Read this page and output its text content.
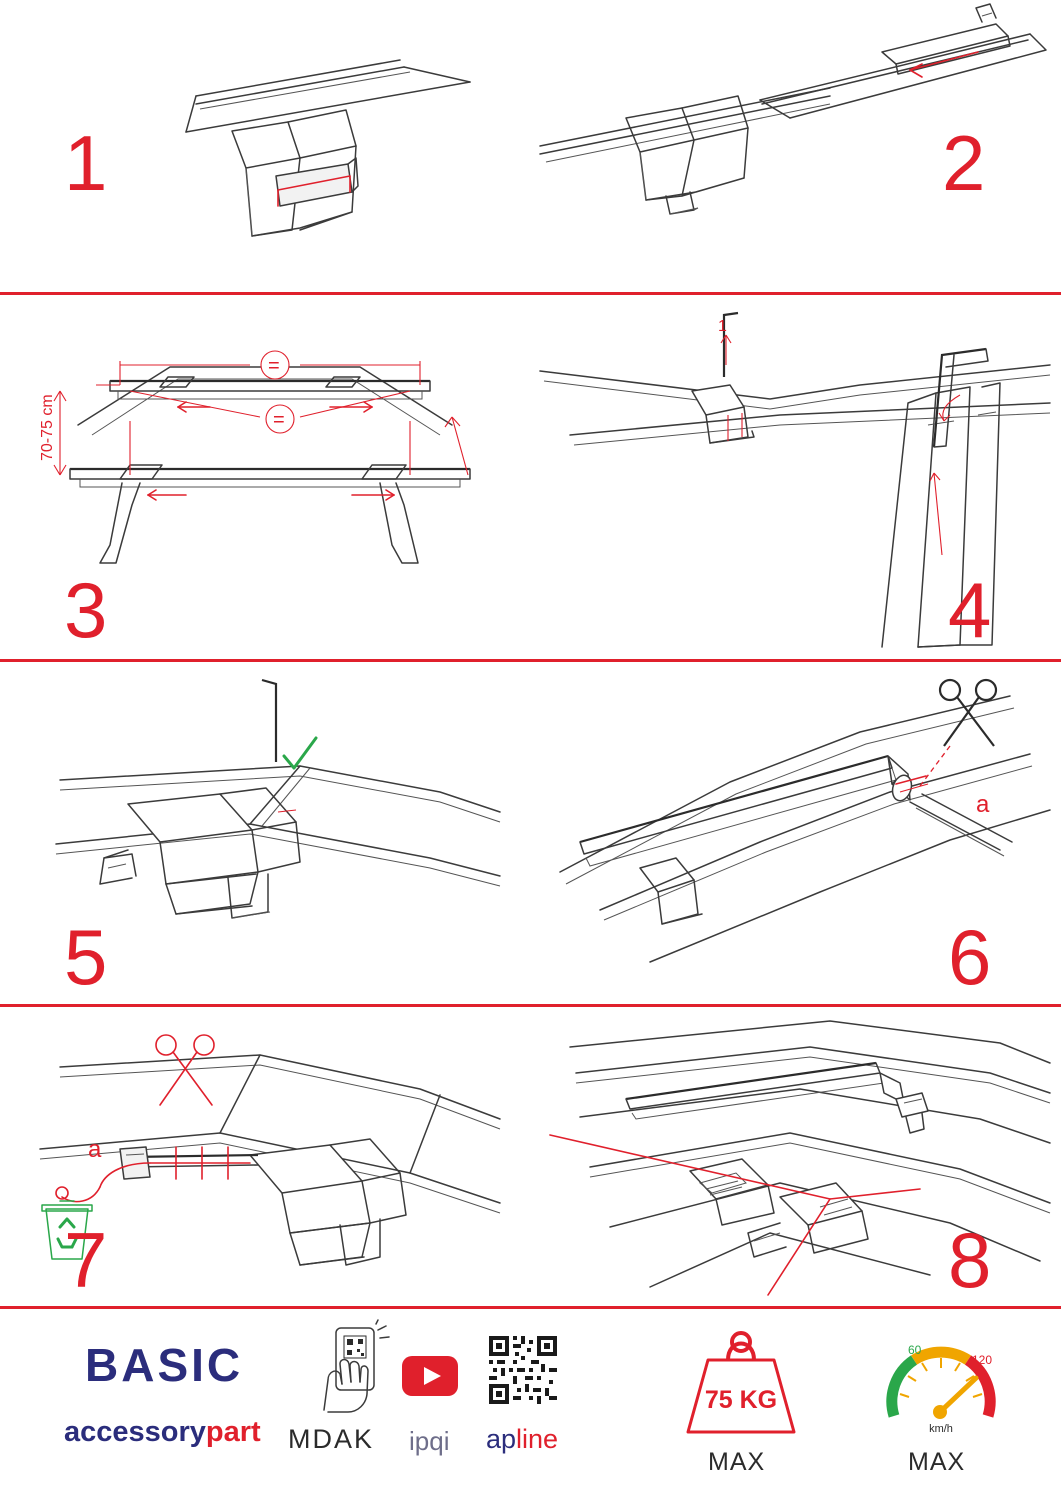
1	2
=
=
70-75 cm
3
1
4
5
a
6
a
7	8
BASIC
accessorypart MDAK ipqi apline
75 KG
MAX
60
120
km/h
MAX
